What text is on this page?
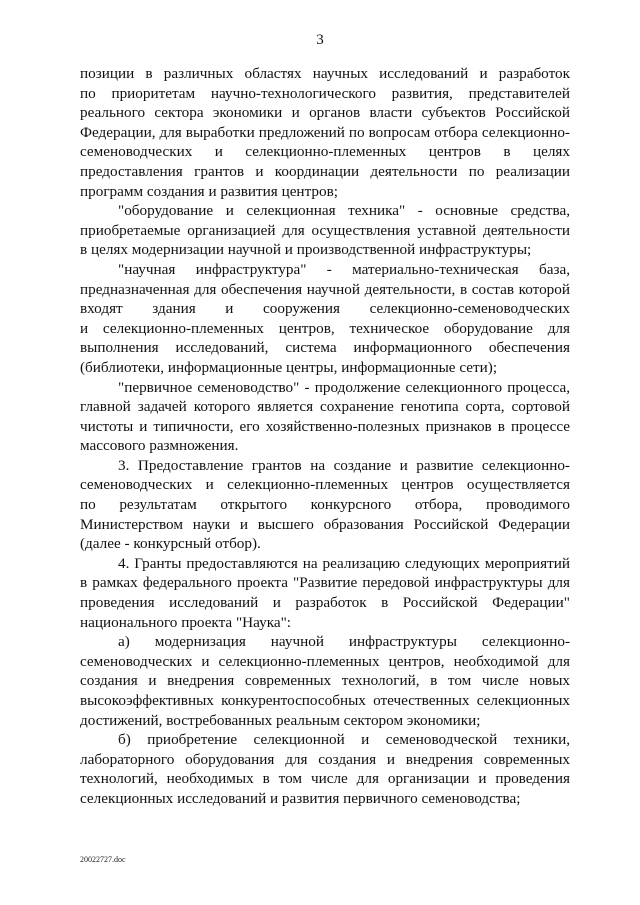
3
позиции в различных областях научных исследований и разработок
по приоритетам научно-технологического развития, представителей
реального сектора экономики и органов власти субъектов Российской
Федерации, для выработки предложений по вопросам отбора селекционно-
семеноводческих и селекционно-племенных центров в целях
предоставления грантов и координации деятельности по реализации
программ создания и развития центров;
"оборудование и селекционная техника" - основные средства,
приобретаемые организацией для осуществления уставной деятельности
в целях модернизации научной и производственной инфраструктуры;
"научная инфраструктура" - материально-техническая база,
предназначенная для обеспечения научной деятельности, в состав которой
входят здания и сооружения селекционно-семеноводческих
и селекционно-племенных центров, техническое оборудование для
выполнения исследований, система информационного обеспечения
(библиотеки, информационные центры, информационные сети);
"первичное семеноводство" - продолжение селекционного процесса,
главной задачей которого является сохранение генотипа сорта, сортовой
чистоты и типичности, его хозяйственно-полезных признаков в процессе
массового размножения.
3. Предоставление грантов на создание и развитие селекционно-
семеноводческих и селекционно-племенных центров осуществляется
по результатам открытого конкурсного отбора, проводимого
Министерством науки и высшего образования Российской Федерации
(далее - конкурсный отбор).
4. Гранты предоставляются на реализацию следующих мероприятий
в рамках федерального проекта "Развитие передовой инфраструктуры для
проведения исследований и разработок в Российской Федерации"
национального проекта "Наука":
а) модернизация научной инфраструктуры селекционно-
семеноводческих и селекционно-племенных центров, необходимой для
создания и внедрения современных технологий, в том числе новых
высокоэффективных конкурентоспособных отечественных селекционных
достижений, востребованных реальным сектором экономики;
б) приобретение селекционной и семеноводческой техники,
лабораторного оборудования для создания и внедрения современных
технологий, необходимых в том числе для организации и проведения
селекционных исследований и развития первичного семеноводства;
20022727.doc
